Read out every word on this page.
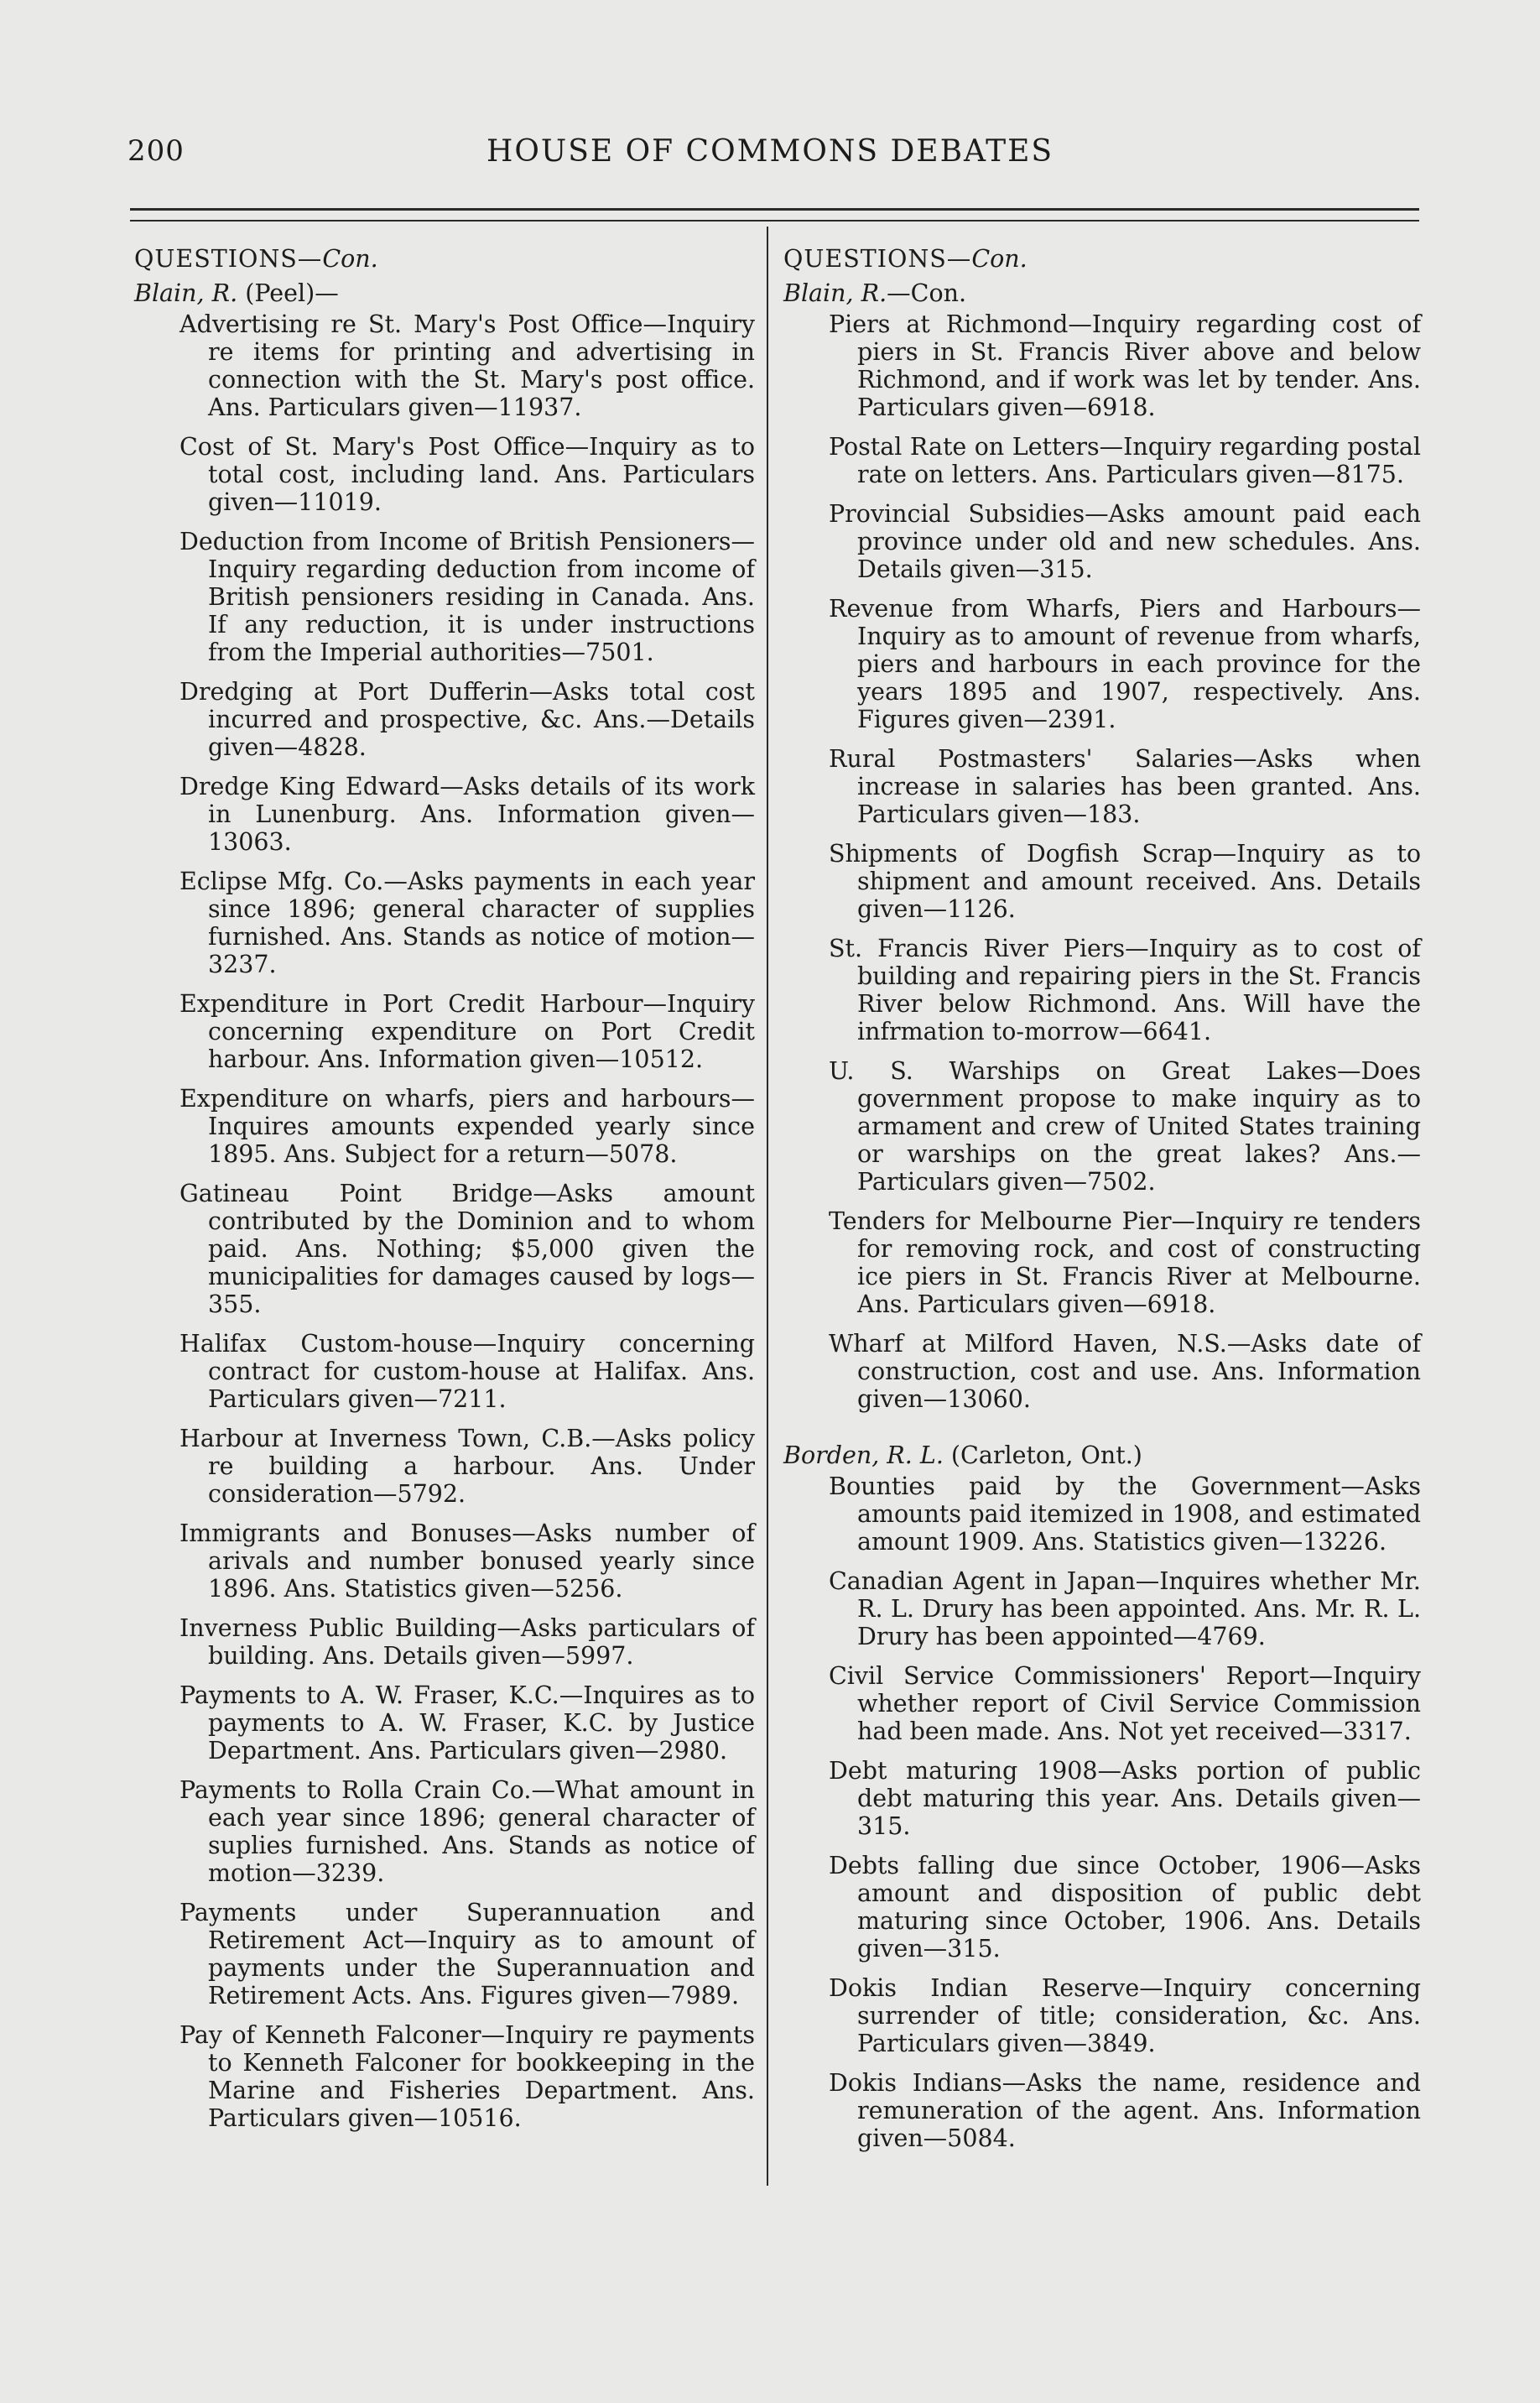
200	HOUSE OF COMMONS DEBATES
QUESTIONS—Con.
Blain, R. (Peel)—

Advertising re St. Mary's Post Office—Inquiry re items for printing and advertising in connection with the St. Mary's post office. Ans. Particulars given—11937.

Cost of St. Mary's Post Office—Inquiry as to total cost, including land. Ans. Particulars given—11019.

Deduction from Income of British Pensioners—Inquiry regarding deduction from income of British pensioners residing in Canada. Ans. If any reduction, it is under instructions from the Imperial authorities—7501.

Dredging at Port Dufferin—Asks total cost incurred and prospective, &c. Ans.—Details given—4828.

Dredge King Edward—Asks details of its work in Lunenburg. Ans. Information given—13063.

Eclipse Mfg. Co.—Asks payments in each year since 1896; general character of supplies furnished. Ans. Stands as notice of motion—3237.

Expenditure in Port Credit Harbour—Inquiry concerning expenditure on Port Credit harbour. Ans. Information given—10512.

Expenditure on wharfs, piers and harbours—Inquires amounts expended yearly since 1895. Ans. Subject for a return—5078.

Gatineau Point Bridge—Asks amount contributed by the Dominion and to whom paid. Ans. Nothing; $5,000 given the municipalities for damages caused by logs—355.

Halifax Custom-house—Inquiry concerning contract for custom-house at Halifax. Ans. Particulars given—7211.

Harbour at Inverness Town, C.B.—Asks policy re building a harbour. Ans. Under consideration—5792.

Immigrants and Bonuses—Asks number of arivals and number bonused yearly since 1896. Ans. Statistics given—5256.

Inverness Public Building—Asks particulars of building. Ans. Details given—5997.

Payments to A. W. Fraser, K.C.—Inquires as to payments to A. W. Fraser, K.C. by Justice Department. Ans. Particulars given—2980.

Payments to Rolla Crain Co.—What amount in each year since 1896; general character of suplies furnished. Ans. Stands as notice of motion—3239.

Payments under Superannuation and Retirement Act—Inquiry as to amount of payments under the Superannuation and Retirement Acts. Ans. Figures given—7989.

Pay of Kenneth Falconer—Inquiry re payments to Kenneth Falconer for bookkeeping in the Marine and Fisheries Department. Ans. Particulars given—10516.

QUESTIONS—Con.
Blain, R.—Con.

Piers at Richmond—Inquiry regarding cost of piers in St. Francis River above and below Richmond, and if work was let by tender. Ans. Particulars given—6918.

Postal Rate on Letters—Inquiry regarding postal rate on letters. Ans. Particulars given—8175.

Provincial Subsidies—Asks amount paid each province under old and new schedules. Ans. Details given—315.

Revenue from Wharfs, Piers and Harbours—Inquiry as to amount of revenue from wharfs, piers and harbours in each province for the years 1895 and 1907, respectively. Ans. Figures given—2391.

Rural Postmasters' Salaries—Asks when increase in salaries has been granted. Ans. Particulars given—183.

Shipments of Dogfish Scrap—Inquiry as to shipment and amount received. Ans. Details given—1126.

St. Francis River Piers—Inquiry as to cost of building and repairing piers in the St. Francis River below Richmond. Ans. Will have the infrmation to-morrow—6641.

U. S. Warships on Great Lakes—Does government propose to make inquiry as to armament and crew of United States training or warships on the great lakes? Ans.—Particulars given—7502.

Tenders for Melbourne Pier—Inquiry re tenders for removing rock, and cost of constructing ice piers in St. Francis River at Melbourne. Ans. Particulars given—6918.

Wharf at Milford Haven, N.S.—Asks date of construction, cost and use. Ans. Information given—13060.

Borden, R. L. (Carleton, Ont.)

Bounties paid by the Government—Asks amounts paid itemized in 1908, and estimated amount 1909. Ans. Statistics given—13226.

Canadian Agent in Japan—Inquires whether Mr. R. L. Drury has been appointed. Ans. Mr. R. L. Drury has been appointed—4769.

Civil Service Commissioners' Report—Inquiry whether report of Civil Service Commission had been made. Ans. Not yet received—3317.

Debt maturing 1908—Asks portion of public debt maturing this year. Ans. Details given—315.

Debts falling due since October, 1906—Asks amount and disposition of public debt maturing since October, 1906. Ans. Details given—315.

Dokis Indian Reserve—Inquiry concerning surrender of title; consideration, &c. Ans. Particulars given—3849.

Dokis Indians—Asks the name, residence and remuneration of the agent. Ans. Information given—5084.
